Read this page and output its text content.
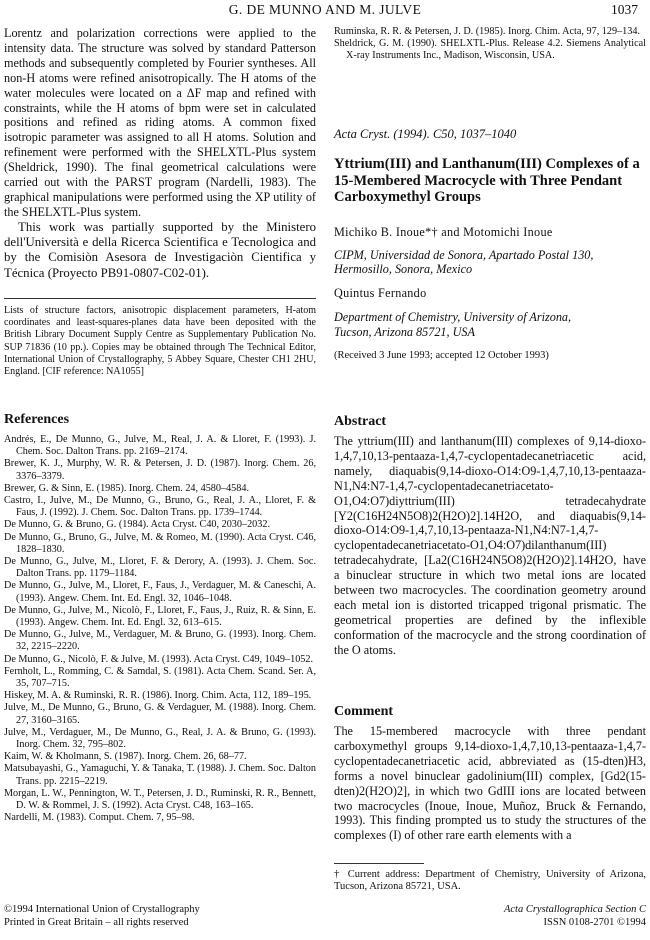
G. DE MUNNO AND M. JULVE	1037

Lorentz and polarization corrections were applied to the intensity data. The structure was solved by standard Patterson methods and subsequently completed by Fourier syntheses. All non-H atoms were refined anisotropically. The H atoms of the water molecules were located on a ΔF map and refined with constraints, while the H atoms of bpm were set in calculated positions and refined as riding atoms. A common fixed isotropic parameter was assigned to all H atoms. Solution and refinement were performed with the SHELXTL-Plus system (Sheldrick, 1990). The final geometrical calculations were carried out with the PARST program (Nardelli, 1983). The graphical manipulations were performed using the XP utility of the SHELXTL-Plus system.

This work was partially supported by the Ministero dell'Università e della Ricerca Scientifica e Tecnologica and by the Comisiòn Asesora de Investigaciòn Cientifica y Técnica (Proyecto PB91-0807-C02-01).

Lists of structure factors, anisotropic displacement parameters, H-atom coordinates and least-squares-planes data have been deposited with the British Library Document Supply Centre as Supplementary Publication No. SUP 71836 (10 pp.). Copies may be obtained through The Technical Editor, International Union of Crystallography, 5 Abbey Square, Chester CH1 2HU, England. [CIF reference: NA1055]

References
Andrés, E., De Munno, G., Julve, M., Real, J. A. & Lloret, F. (1993). J. Chem. Soc. Dalton Trans. pp. 2169–2174.
Brewer, K. J., Murphy, W. R. & Petersen, J. D. (1987). Inorg. Chem. 26, 3376–3379.
Brewer, G. & Sinn, E. (1985). Inorg. Chem. 24, 4580–4584.
Castro, I., Julve, M., De Munno, G., Bruno, G., Real, J. A., Lloret, F. & Faus, J. (1992). J. Chem. Soc. Dalton Trans. pp. 1739–1744.
De Munno, G. & Bruno, G. (1984). Acta Cryst. C40, 2030–2032.
De Munno, G., Bruno, G., Julve, M. & Romeo, M. (1990). Acta Cryst. C46, 1828–1830.
De Munno, G., Julve, M., Lloret, F. & Derory, A. (1993). J. Chem. Soc. Dalton Trans. pp. 1179–1184.
De Munno, G., Julve, M., Lloret, F., Faus, J., Verdaguer, M. & Caneschi, A. (1993). Angew. Chem. Int. Ed. Engl. 32, 1046–1048.
De Munno, G., Julve, M., Nicolò, F., Lloret, F., Faus, J., Ruiz, R. & Sinn, E. (1993). Angew. Chem. Int. Ed. Engl. 32, 613–615.
De Munno, G., Julve, M., Verdaguer, M. & Bruno, G. (1993). Inorg. Chem. 32, 2215–2220.
De Munno, G., Nicolò, F. & Julve, M. (1993). Acta Cryst. C49, 1049–1052.
Fernholt, L., Romming, C. & Samdal, S. (1981). Acta Chem. Scand. Ser. A, 35, 707–715.
Hiskey, M. A. & Ruminski, R. R. (1986). Inorg. Chim. Acta, 112, 189–195.
Julve, M., De Munno, G., Bruno, G. & Verdaguer, M. (1988). Inorg. Chem. 27, 3160–3165.
Julve, M., Verdaguer, M., De Munno, G., Real, J. A. & Bruno, G. (1993). Inorg. Chem. 32, 795–802.
Kaim, W. & Kholmann, S. (1987). Inorg. Chem. 26, 68–77.
Matsubayashi, G., Yamaguchi, Y. & Tanaka, T. (1988). J. Chem. Soc. Dalton Trans. pp. 2215–2219.
Morgan, L. W., Pennington, W. T., Petersen, J. D., Ruminski, R. R., Bennett, D. W. & Rommel, J. S. (1992). Acta Cryst. C48, 163–165.
Nardelli, M. (1983). Comput. Chem. 7, 95–98.
©1994 International Union of Crystallography
Printed in Great Britain – all rights reserved
Ruminska, R. R. & Petersen, J. D. (1985). Inorg. Chim. Acta, 97, 129–134.
Sheldrick, G. M. (1990). SHELXTL-Plus. Release 4.2. Siemens Analytical X-ray Instruments Inc., Madison, Wisconsin, USA.
Acta Cryst. (1994). C50, 1037–1040
Yttrium(III) and Lanthanum(III) Complexes of a 15-Membered Macrocycle with Three Pendant Carboxymethyl Groups
Michiko B. Inoue*† and Motomichi Inoue
CIPM, Universidad de Sonora, Apartado Postal 130,
Hermosillo, Sonora, Mexico
Quintus Fernando
Department of Chemistry, University of Arizona,
Tucson, Arizona 85721, USA
(Received 3 June 1993; accepted 12 October 1993)
Abstract

The yttrium(III) and lanthanum(III) complexes of 9,14-dioxo-1,4,7,10,13-pentaaza-1,4,7-cyclopentadecanetriacetic acid, namely, diaquabis(9,14-dioxo-O14:O9-1,4,7,10,13-pentaaza-N1,N4:N7-1,4,7-cyclopentadecanetriacetato-O1,O4:O7)diyttrium(III) tetradecahydrate [Y2(C16H24N5O8)2(H2O)2].14H2O, and diaquabis(9,14-dioxo-O14:O9-1,4,7,10,13-pentaaza-N1,N4:N7-1,4,7-cyclopentadecanetriacetato-O1,O4:O7)dilanthanum(III) tetradecahydrate, [La2(C16H24N5O8)2(H2O)2].14H2O, have a binuclear structure in which two metal ions are located between two macrocycles. The coordination geometry around each metal ion is distorted tricapped trigonal prismatic. The geometrical properties are defined by the inflexible conformation of the macrocycle and the strong coordination of the O atoms.

Comment

The 15-membered macrocycle with three pendant carboxymethyl groups 9,14-dioxo-1,4,7,10,13-pentaaza-1,4,7-cyclopentadecanetriacetic acid, abbreviated as (15-dten)H3, forms a novel binuclear gadolinium(III) complex, [Gd2(15-dten)2(H2O)2], in which two GdIII ions are located between two macrocycles (Inoue, Inoue, Muñoz, Bruck & Fernando, 1993). This finding prompted us to study the structures of the complexes (I) of other rare earth elements with a

† Current address: Department of Chemistry, University of Arizona, Tucson, Arizona 85721, USA.

Acta Crystallographica Section C
ISSN 0108-2701 ©1994
